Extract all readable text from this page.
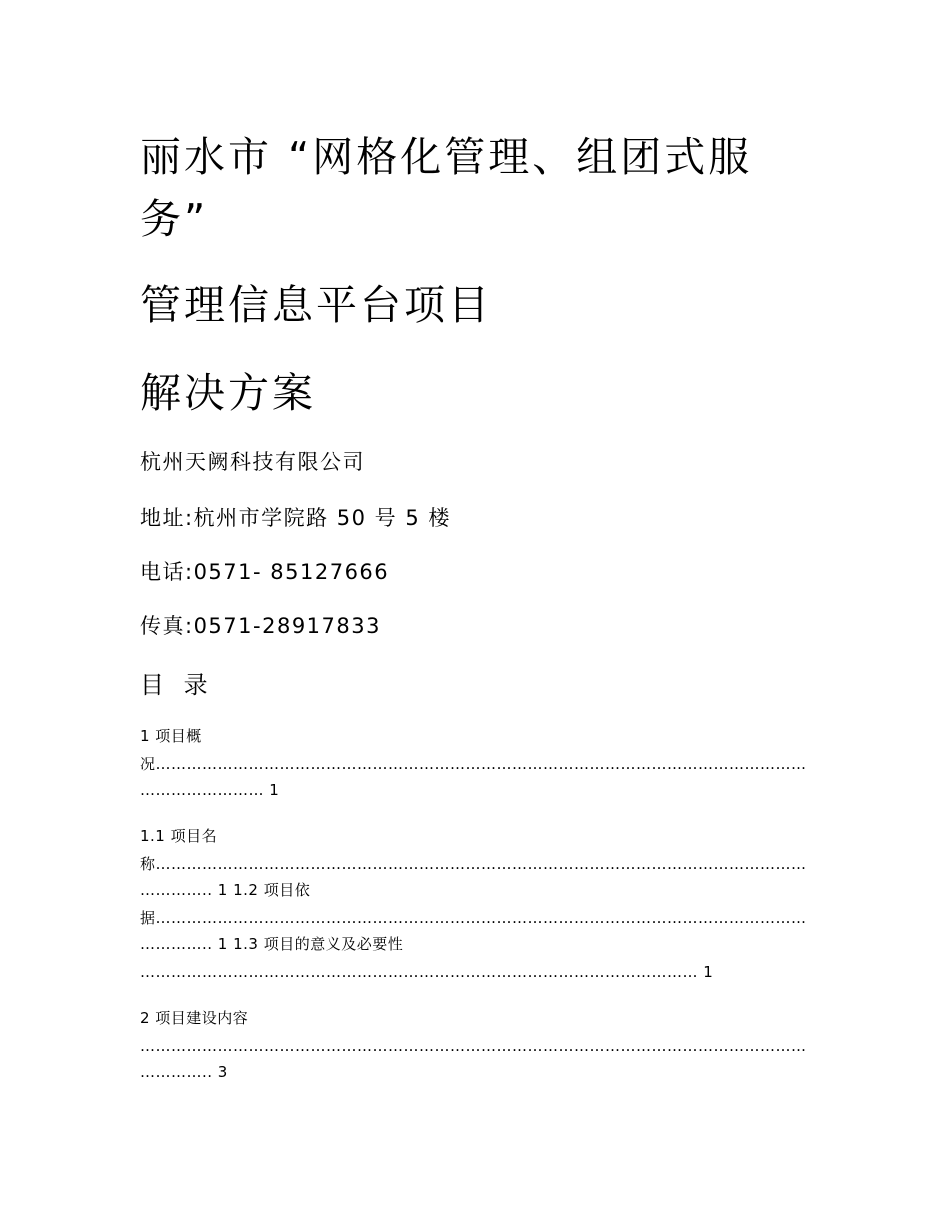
丽水市 “网格化管理、组团式服
务”
管理信息平台项目
解决方案
杭州天阙科技有限公司
地址:杭州市学院路 50 号 5 楼
电话:0571- 85127666
传真:0571-28917833
目 录
1 项目概
况………………………………………………………………………………………………………………
…………………… 1
1.1 项目名
称………………………………………………………………………………………………………………
………….. 1 1.2 项目依
据………………………………………………………………………………………………………………
………….. 1 1.3 项目的意义及必要性
……………………………………………………………………………………………… 1
2 项目建设内容
…………………………………………………………………………………………………………………
………….. 3
